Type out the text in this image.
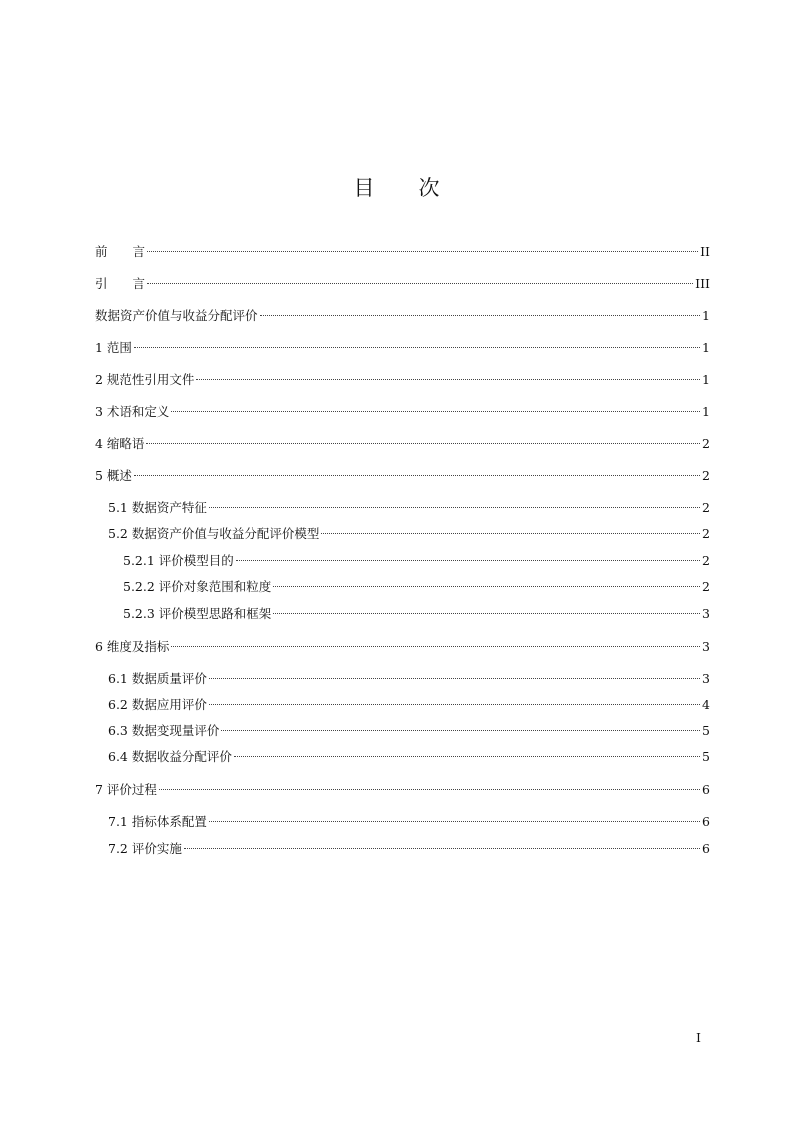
目 次
前　　言	II
引　　言	III
数据资产价值与收益分配评价	1
1 范围	1
2 规范性引用文件	1
3 术语和定义	1
4 缩略语	2
5 概述	2
5.1 数据资产特征	2
5.2 数据资产价值与收益分配评价模型	2
5.2.1 评价模型目的	2
5.2.2 评价对象范围和粒度	2
5.2.3 评价模型思路和框架	3
6 维度及指标	3
6.1 数据质量评价	3
6.2 数据应用评价	4
6.3 数据变现量评价	5
6.4 数据收益分配评价	5
7 评价过程	6
7.1 指标体系配置	6
7.2 评价实施	6
I
